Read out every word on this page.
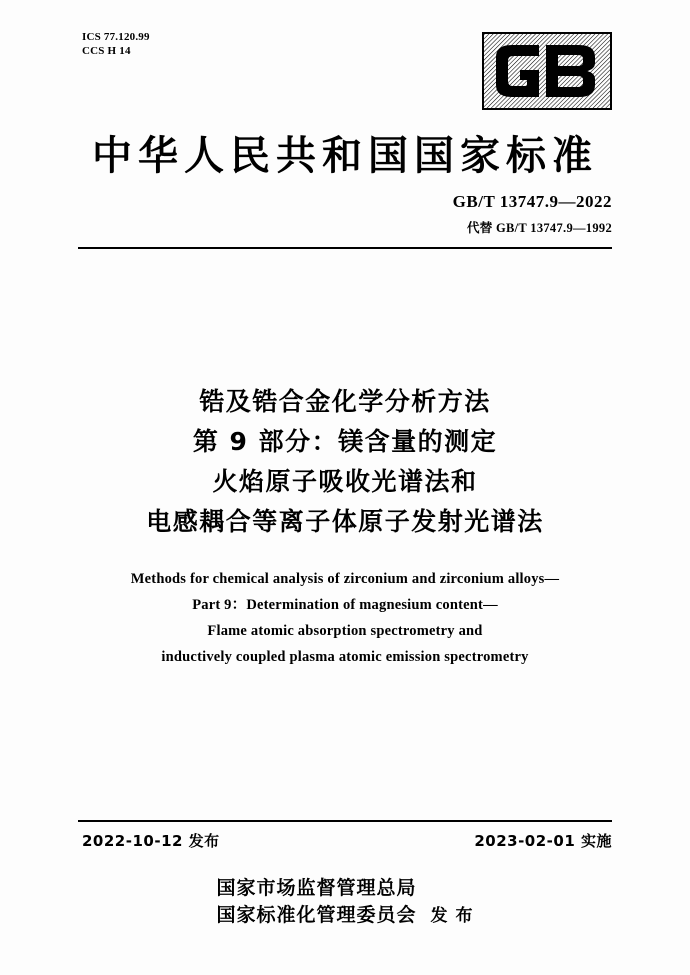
ICS 77.120.99
CCS H 14
中华人民共和国国家标准
GB/T 13747.9—2022
代替 GB/T 13747.9—1992
锆及锆合金化学分析方法
第 9 部分：镁含量的测定
火焰原子吸收光谱法和
电感耦合等离子体原子发射光谱法
Methods for chemical analysis of zirconium and zirconium alloys—
Part 9：Determination of magnesium content—
Flame atomic absorption spectrometry and
inductively coupled plasma atomic emission spectrometry
2022-10-12 发布	2023-02-01 实施
国家市场监督管理总局
国家标准化管理委员会 发 布
